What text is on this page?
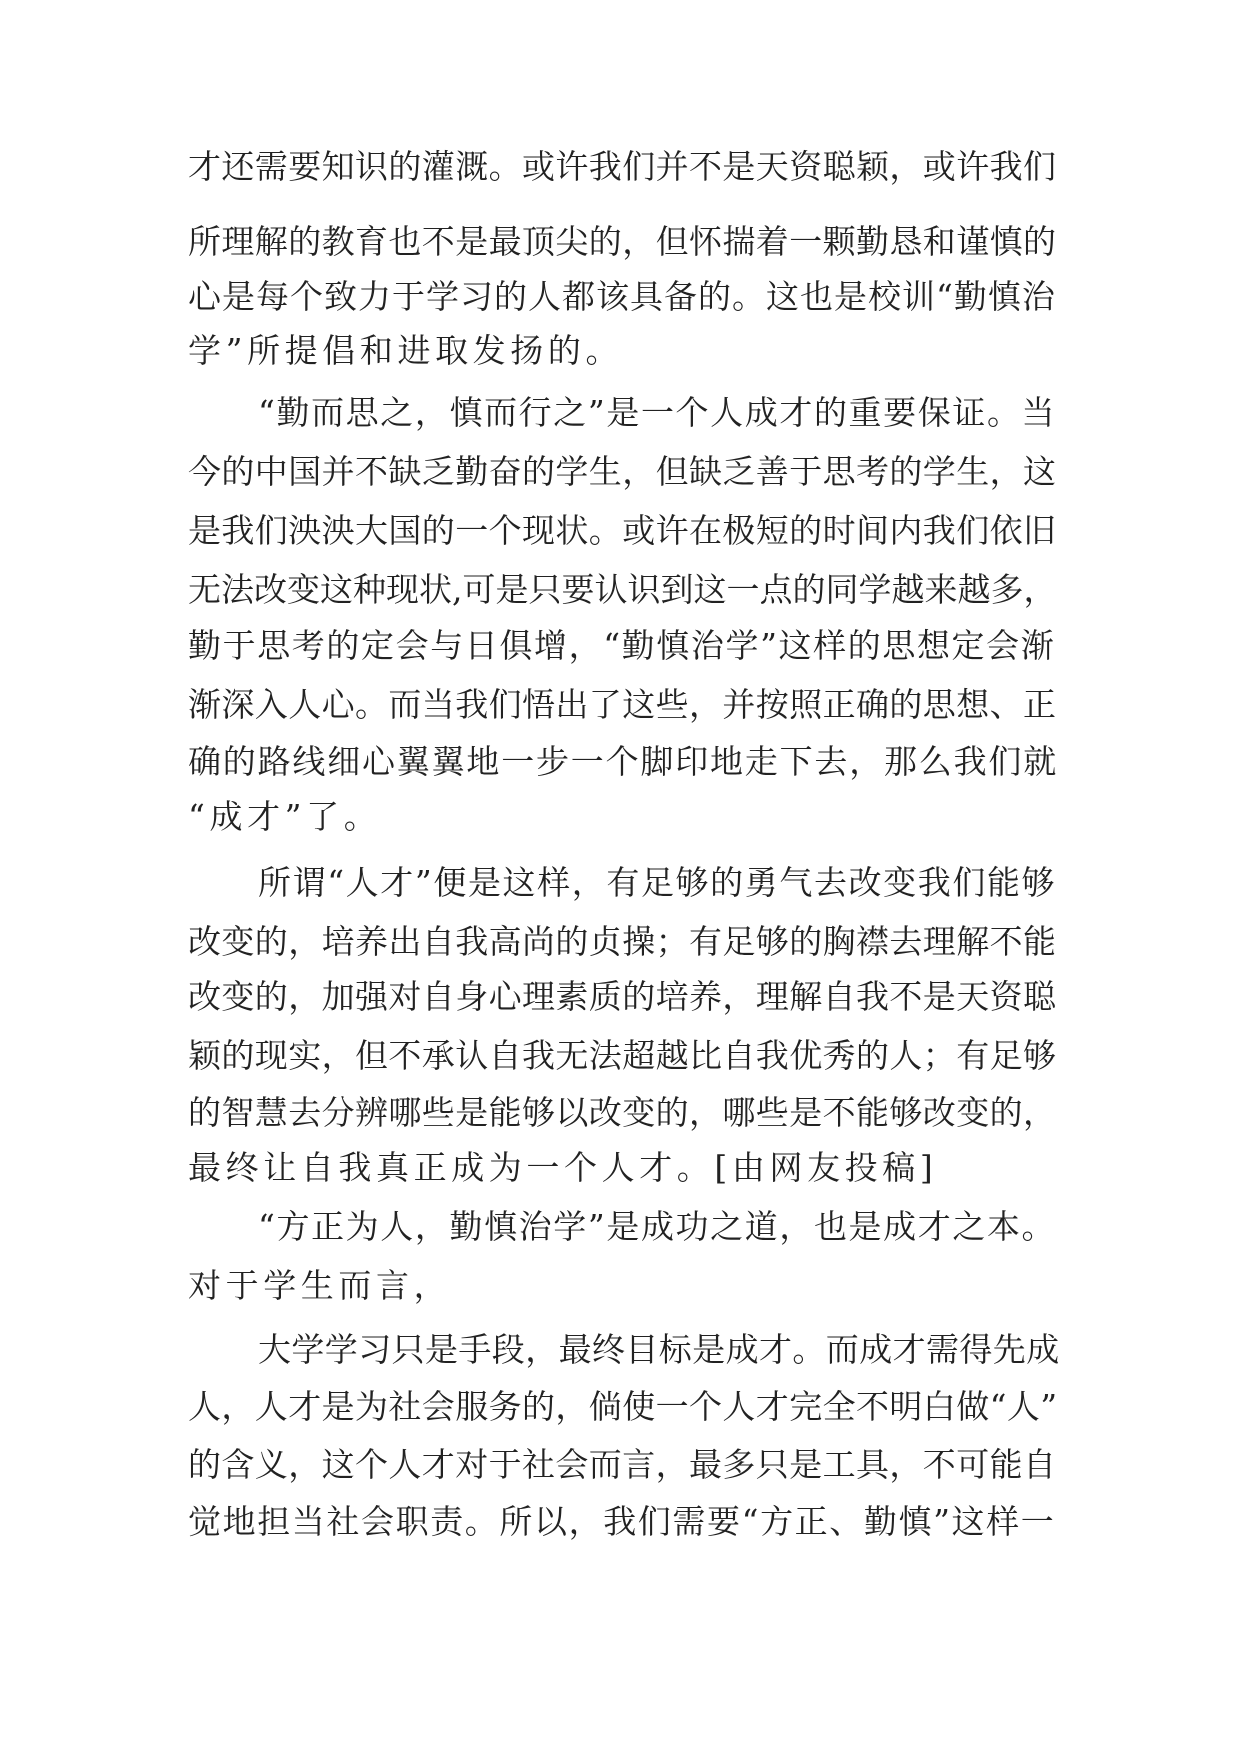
才还需要知识的灌溉。或许我们并不是天资聪颖，或许我们
所理解的教育也不是最顶尖的，但怀揣着一颗勤恳和谨慎的
心是每个致力于学习的人都该具备的。这也是校训“勤慎治
学”所提倡和进取发扬的。
“勤而思之，慎而行之”是一个人成才的重要保证。当
今的中国并不缺乏勤奋的学生，但缺乏善于思考的学生，这
是我们泱泱大国的一个现状。或许在极短的时间内我们依旧
无法改变这种现状,可是只要认识到这一点的同学越来越多，
勤于思考的定会与日俱增，“勤慎治学”这样的思想定会渐
渐深入人心。而当我们悟出了这些，并按照正确的思想、正
确的路线细心翼翼地一步一个脚印地走下去，那么我们就
“成才”了。
所谓“人才”便是这样，有足够的勇气去改变我们能够
改变的，培养出自我高尚的贞操；有足够的胸襟去理解不能
改变的，加强对自身心理素质的培养，理解自我不是天资聪
颖的现实，但不承认自我无法超越比自我优秀的人；有足够
的智慧去分辨哪些是能够以改变的，哪些是不能够改变的，
最终让自我真正成为一个人才。[由网友投稿]
“方正为人，勤慎治学”是成功之道，也是成才之本。
对于学生而言，
大学学习只是手段，最终目标是成才。而成才需得先成
人，人才是为社会服务的，倘使一个人才完全不明白做“人”
的含义，这个人才对于社会而言，最多只是工具，不可能自
觉地担当社会职责。所以，我们需要“方正、勤慎”这样一
